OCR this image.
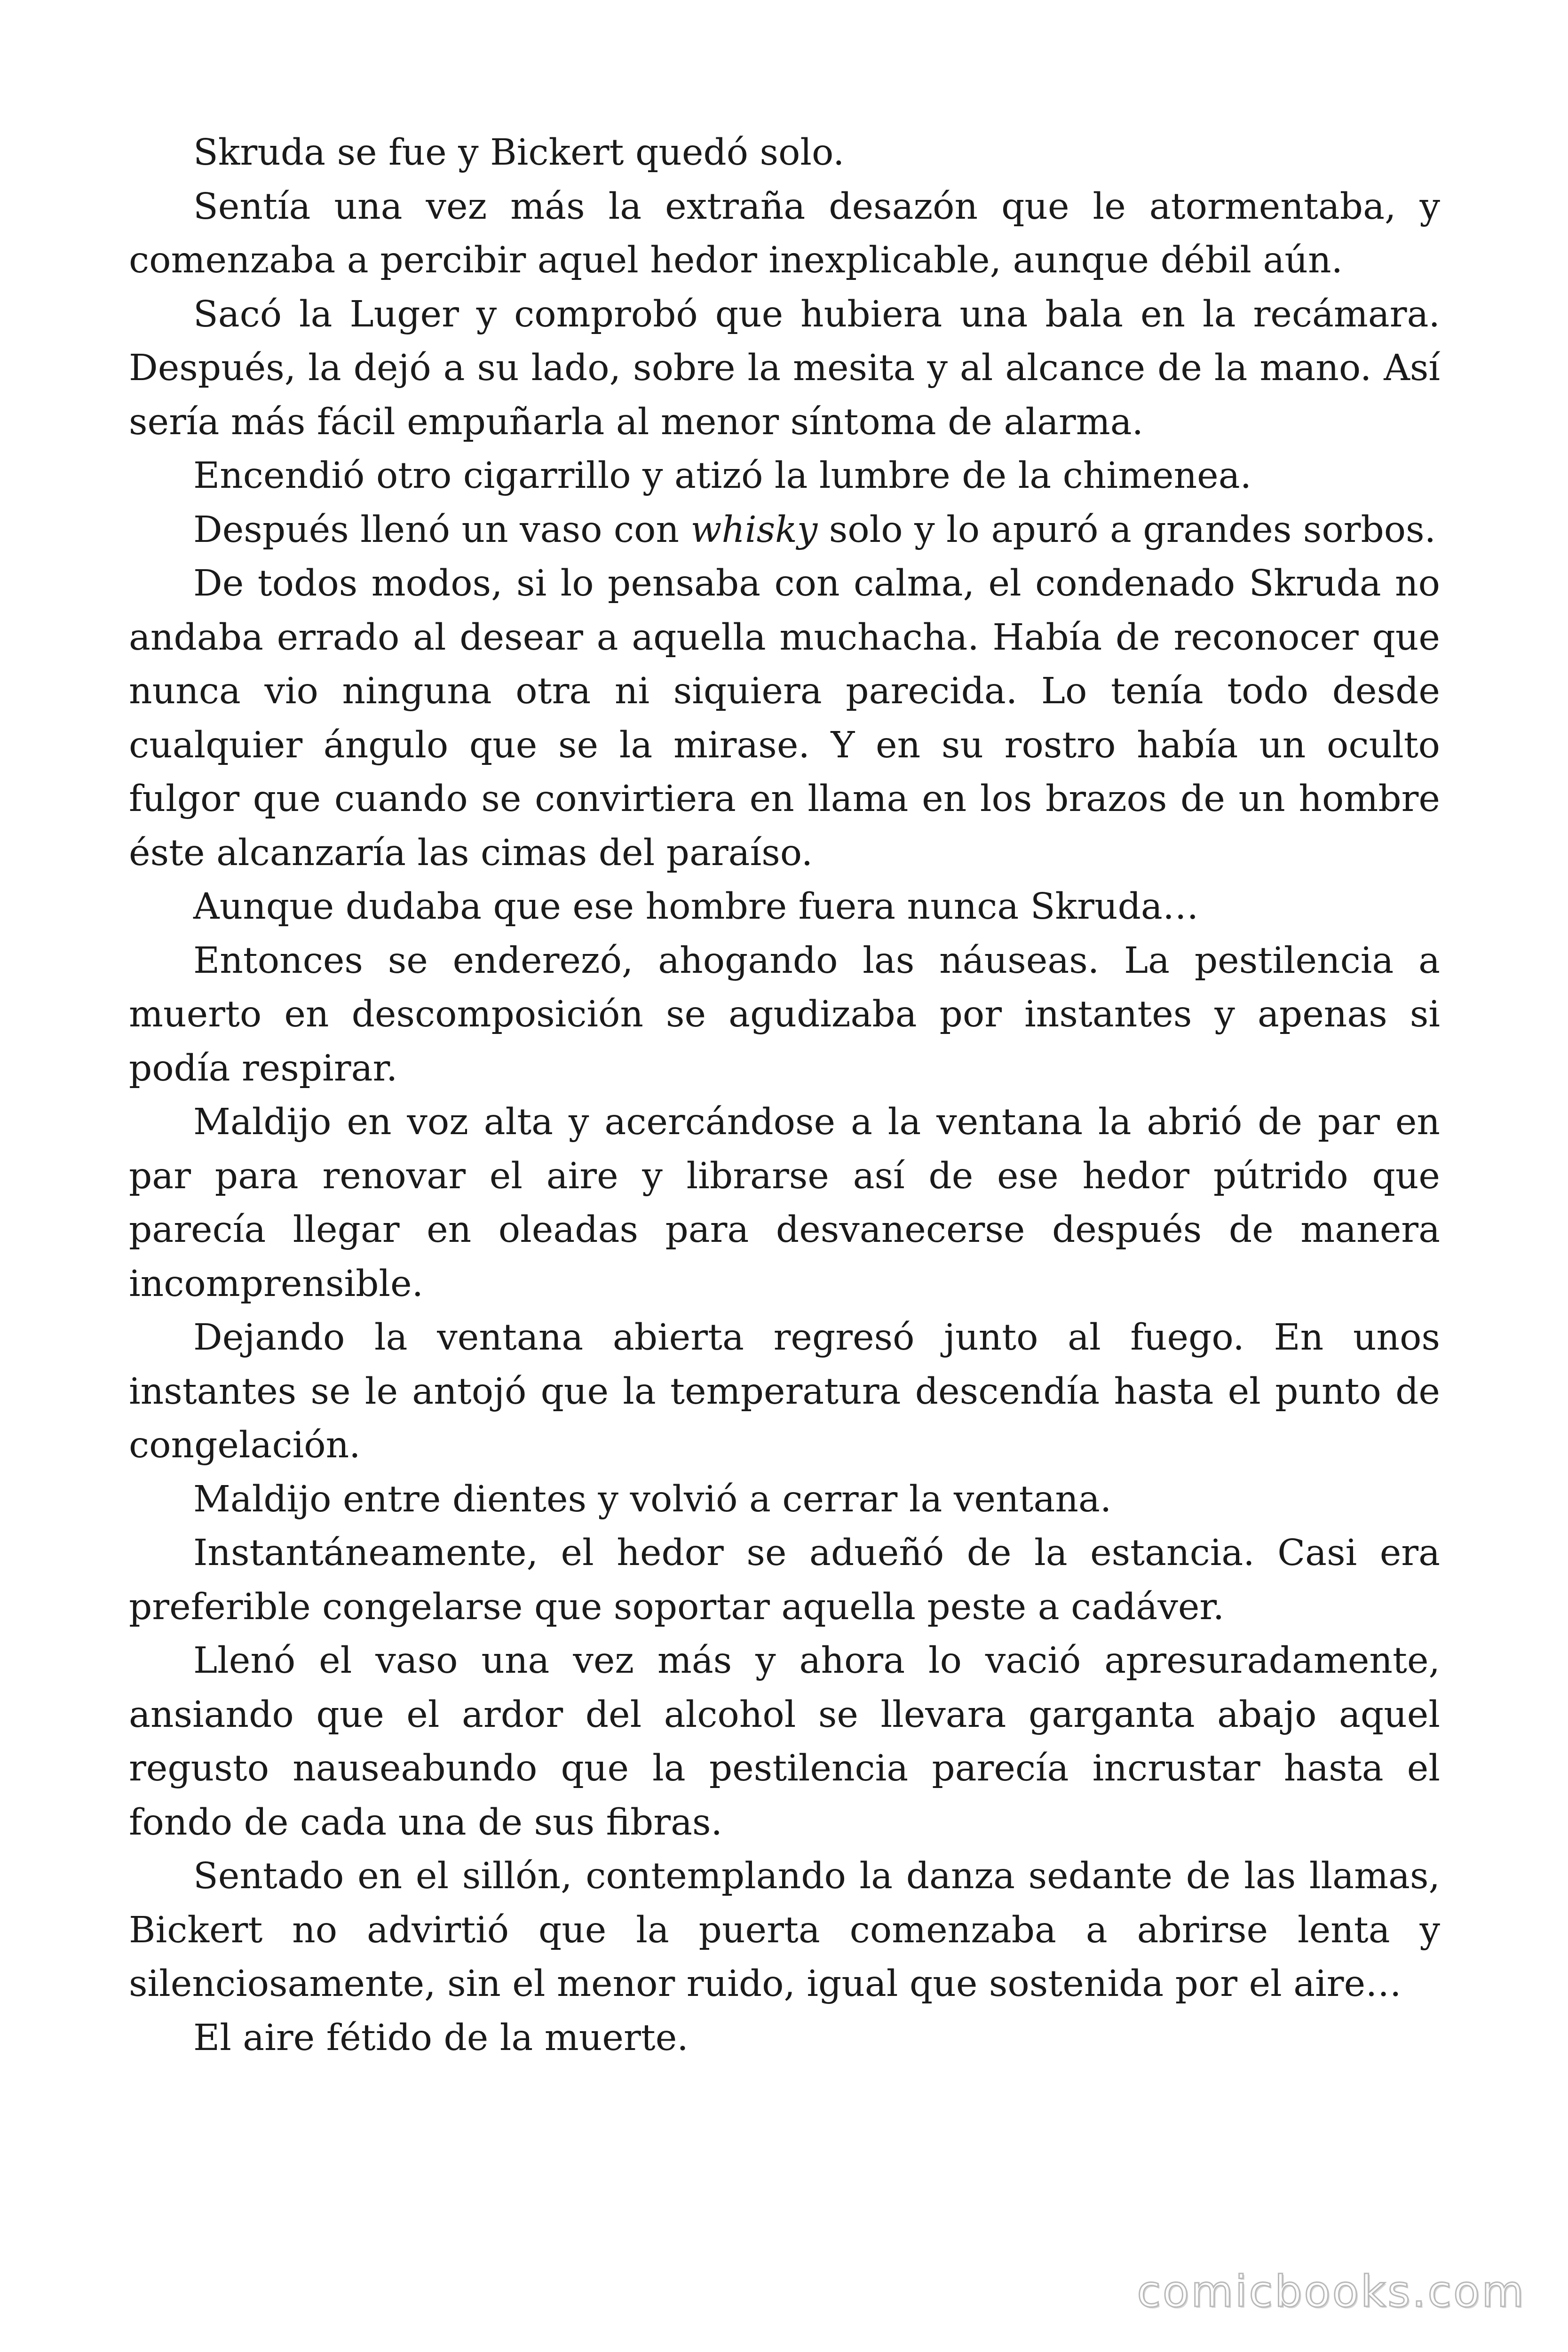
Skruda se fue y Bickert quedó solo.

Sentía una vez más la extraña desazón que le atormentaba, y comenzaba a percibir aquel hedor inexplicable, aunque débil aún.

Sacó la Luger y comprobó que hubiera una bala en la recámara. Después, la dejó a su lado, sobre la mesita y al alcance de la mano. Así sería más fácil empuñarla al menor síntoma de alarma.

Encendió otro cigarrillo y atizó la lumbre de la chimenea.

Después llenó un vaso con whisky solo y lo apuró a grandes sorbos.

De todos modos, si lo pensaba con calma, el condenado Skruda no andaba errado al desear a aquella muchacha. Había de reconocer que nunca vio ninguna otra ni siquiera parecida. Lo tenía todo desde cualquier ángulo que se la mirase. Y en su rostro había un oculto fulgor que cuando se convirtiera en llama en los brazos de un hombre éste alcanzaría las cimas del paraíso.

Aunque dudaba que ese hombre fuera nunca Skruda…

Entonces se enderezó, ahogando las náuseas. La pestilencia a muerto en descomposición se agudizaba por instantes y apenas si podía respirar.

Maldijo en voz alta y acercándose a la ventana la abrió de par en par para renovar el aire y librarse así de ese hedor pútrido que parecía llegar en oleadas para desvanecerse después de manera incomprensible.

Dejando la ventana abierta regresó junto al fuego. En unos instantes se le antojó que la temperatura descendía hasta el punto de congelación.

Maldijo entre dientes y volvió a cerrar la ventana.

Instantáneamente, el hedor se adueñó de la estancia. Casi era preferible congelarse que soportar aquella peste a cadáver.

Llenó el vaso una vez más y ahora lo vació apresuradamente, ansiando que el ardor del alcohol se llevara garganta abajo aquel regusto nauseabundo que la pestilencia parecía incrustar hasta el fondo de cada una de sus fibras.

Sentado en el sillón, contemplando la danza sedante de las llamas, Bickert no advirtió que la puerta comenzaba a abrirse lenta y silenciosamente, sin el menor ruido, igual que sostenida por el aire…

El aire fétido de la muerte.

comicbooks.com
